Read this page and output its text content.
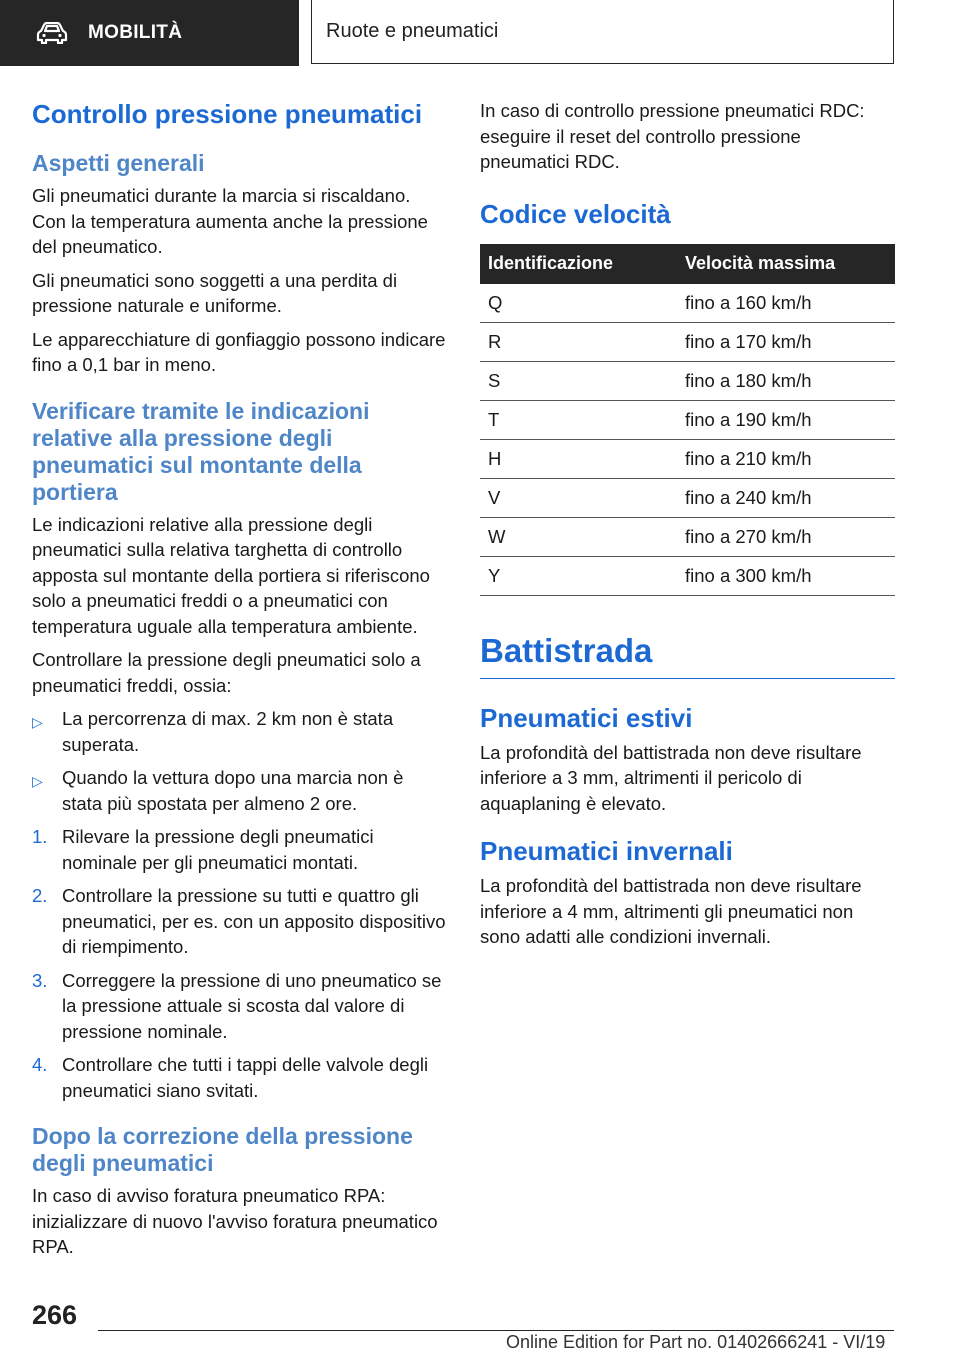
MOBILITÀ	Ruote e pneumatici
Controllo pressione pneumatici
Aspetti generali

Gli pneumatici durante la marcia si riscaldano. Con la temperatura aumenta anche la pressione del pneumatico.

Gli pneumatici sono soggetti a una perdita di pressione naturale e uniforme.

Le apparecchiature di gonfiaggio possono indicare fino a 0,1 bar in meno.

Verificare tramite le indicazioni relative alla pressione degli pneumatici sul montante della portiera

Le indicazioni relative alla pressione degli pneumatici sulla relativa targhetta di controllo apposta sul montante della portiera si riferiscono solo a pneumatici freddi o a pneumatici con temperatura uguale alla temperatura ambiente.

Controllare la pressione degli pneumatici solo a pneumatici freddi, ossia:

▷ La percorrenza di max. 2 km non è stata superata.
▷ Quando la vettura dopo una marcia non è stata più spostata per almeno 2 ore.
1. Rilevare la pressione degli pneumatici nominale per gli pneumatici montati.
2. Controllare la pressione su tutti e quattro gli pneumatici, per es. con un apposito dispositivo di riempimento.
3. Correggere la pressione di uno pneumatico se la pressione attuale si scosta dal valore di pressione nominale.
4. Controllare che tutti i tappi delle valvole degli pneumatici siano svitati.
Dopo la correzione della pressione degli pneumatici

In caso di avviso foratura pneumatico RPA: inizializzare di nuovo l'avviso foratura pneumatico RPA.

In caso di controllo pressione pneumatici RDC: eseguire il reset del controllo pressione pneumatici RDC.

Codice velocità
Identificazione	Velocità massima
Q	fino a 160 km/h
R	fino a 170 km/h
S	fino a 180 km/h
T	fino a 190 km/h
H	fino a 210 km/h
V	fino a 240 km/h
W	fino a 270 km/h
Y	fino a 300 km/h
Battistrada
Pneumatici estivi

La profondità del battistrada non deve risultare inferiore a 3 mm, altrimenti il pericolo di aquaplaning è elevato.

Pneumatici invernali

La profondità del battistrada non deve risultare inferiore a 4 mm, altrimenti gli pneumatici non sono adatti alle condizioni invernali.

266
Online Edition for Part no. 01402666241 - VI/19
